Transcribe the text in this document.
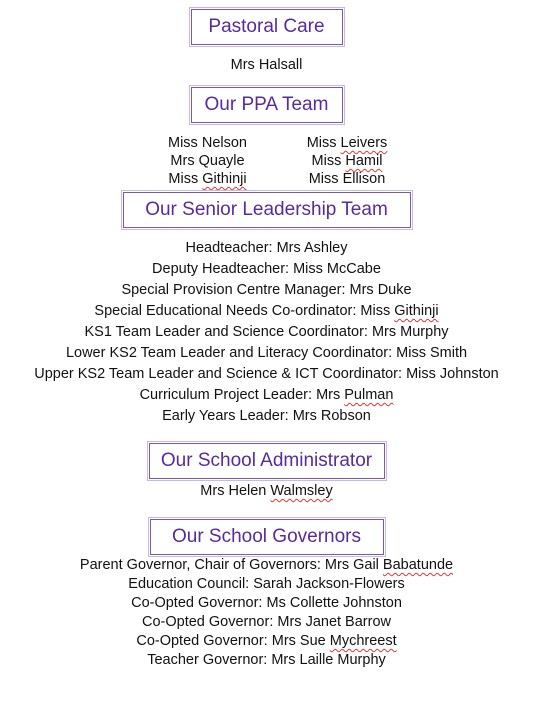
Pastoral Care
Mrs Halsall
Our PPA Team
Miss Nelson
Mrs Quayle
Miss Githinji
Miss Leivers
Miss Hamil
Miss Ellison
Our Senior Leadership Team
Headteacher: Mrs Ashley
Deputy Headteacher: Miss McCabe
Special Provision Centre Manager: Mrs Duke
Special Educational Needs Co-ordinator: Miss Githinji
KS1 Team Leader and Science Coordinator: Mrs Murphy
Lower KS2 Team Leader and Literacy Coordinator: Miss Smith
Upper KS2 Team Leader and Science & ICT Coordinator: Miss Johnston
Curriculum Project Leader: Mrs Pulman
Early Years Leader: Mrs Robson
Our School Administrator
Mrs Helen Walmsley
Our School Governors
Parent Governor, Chair of Governors: Mrs Gail Babatunde
Education Council: Sarah Jackson-Flowers
Co-Opted Governor: Ms Collette Johnston
Co-Opted Governor: Mrs Janet Barrow
Co-Opted Governor: Mrs Sue Mychreest
Teacher Governor: Mrs Laille Murphy
